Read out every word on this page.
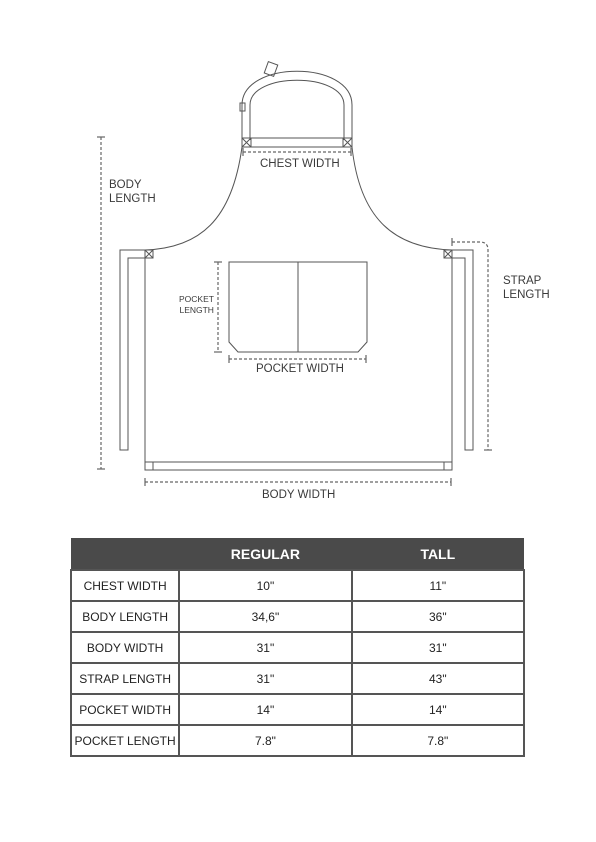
CHEST WIDTH
BODY
LENGTH
STRAP
LENGTH
POCKET
LENGTH
POCKET WIDTH
BODY WIDTH
	REGULAR	TALL
CHEST WIDTH	10"	11"
BODY LENGTH	34,6"	36"
BODY WIDTH	31"	31"
STRAP LENGTH	31"	43"
POCKET WIDTH	14"	14"
POCKET LENGTH	7.8"	7.8"
